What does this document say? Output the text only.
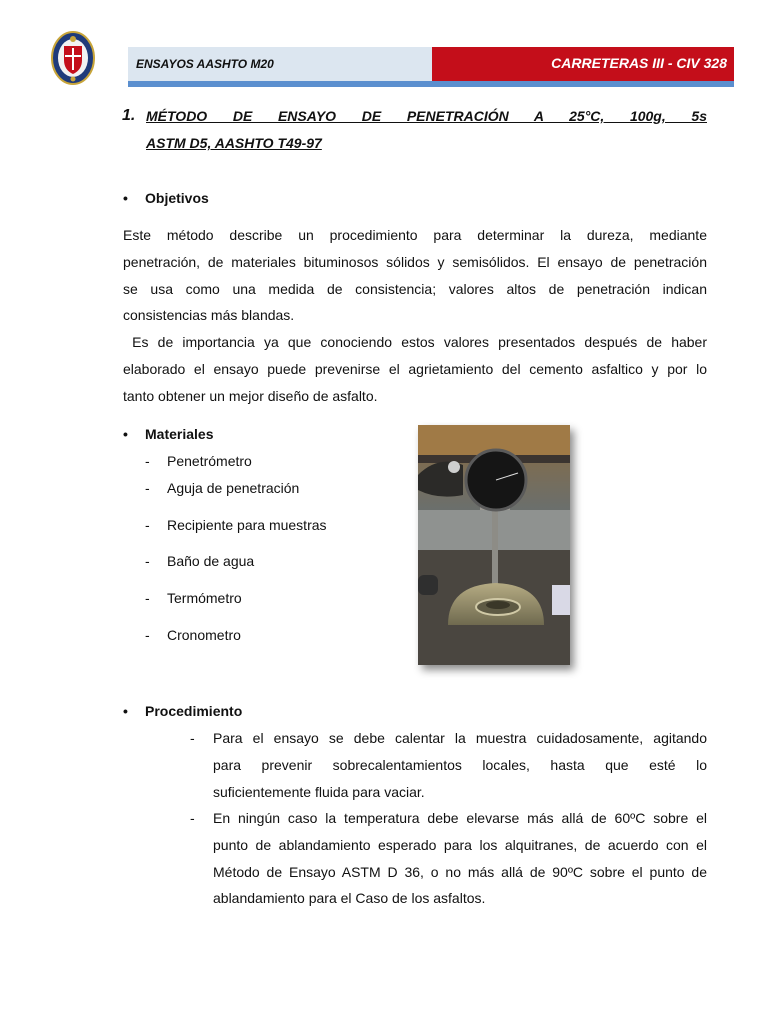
ENSAYOS AASHTO M20	CARRETERAS III - CIV 328
1. MÉTODO DE ENSAYO DE PENETRACIÓN A 25°C, 100g, 5s
ASTM D5, AASHTO T49-97
• Objetivos
Este método describe un procedimiento para determinar la dureza, mediante
penetración, de materiales bituminosos sólidos y semisólidos. El ensayo de penetración
se usa como una medida de consistencia; valores altos de penetración indican
consistencias más blandas.
Es de importancia ya que conociendo estos valores presentados después de haber
elaborado el ensayo puede prevenirse el agrietamiento del cemento asfaltico y por lo
tanto obtener un mejor diseño de asfalto.
• Materiales
- Penetrómetro
- Aguja de penetración
- Recipiente para muestras
- Baño de agua
- Termómetro
- Cronometro
• Procedimiento
- Para el ensayo se debe calentar la muestra cuidadosamente, agitando
para prevenir sobrecalentamientos locales, hasta que esté lo
suficientemente fluida para vaciar.
- En ningún caso la temperatura debe elevarse más allá de 60ºC sobre el
punto de ablandamiento esperado para los alquitranes, de acuerdo con el
Método de Ensayo ASTM D 36, o no más allá de 90ºC sobre el punto de
ablandamiento para el Caso de los asfaltos.
